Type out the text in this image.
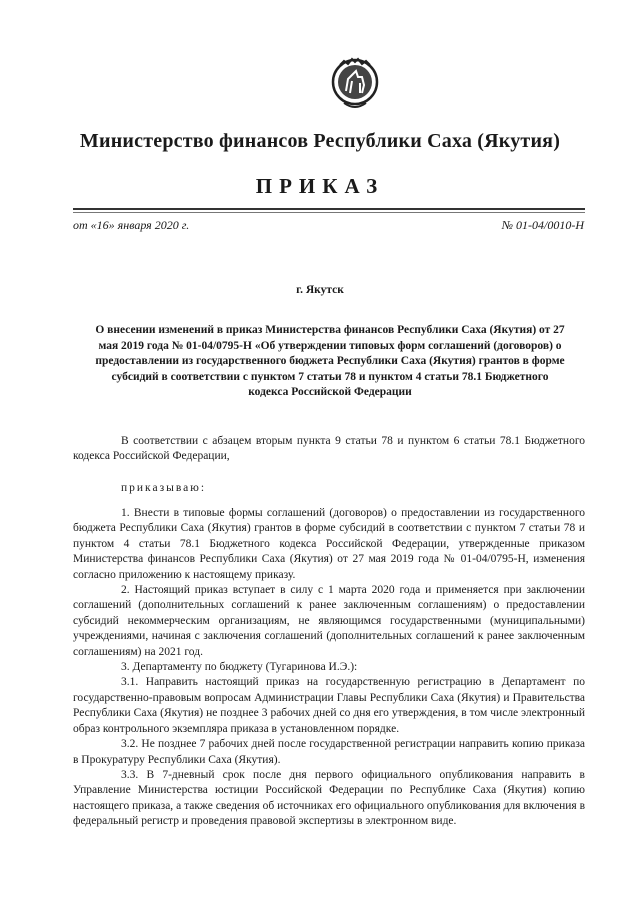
Министерство финансов Республики Саха (Якутия)
ПРИКАЗ
от «16» января 2020 г.	№ 01-04/0010-Н
г. Якутск
О внесении изменений в приказ Министерства финансов Республики Саха (Якутия) от 27 мая 2019 года № 01-04/0795-Н «Об утверждении типовых форм соглашений (договоров) о предоставлении из государственного бюджета Республики Саха (Якутия) грантов в форме субсидий в соответствии с пунктом 7 статьи 78 и пунктом 4 статьи 78.1 Бюджетного кодекса Российской Федерации

В соответствии с абзацем вторым пункта 9 статьи 78 и пунктом 6 статьи 78.1 Бюджетного кодекса Российской Федерации,

приказываю:

1. Внести в типовые формы соглашений (договоров) о предоставлении из государственного бюджета Республики Саха (Якутия) грантов в форме субсидий в соответствии с пунктом 7 статьи 78 и пунктом 4 статьи 78.1 Бюджетного кодекса Российской Федерации, утвержденные приказом Министерства финансов Республики Саха (Якутия) от 27 мая 2019 года № 01-04/0795-Н, изменения согласно приложению к настоящему приказу.

2. Настоящий приказ вступает в силу с 1 марта 2020 года и применяется при заключении соглашений (дополнительных соглашений к ранее заключенным соглашениям) о предоставлении субсидий некоммерческим организациям, не являющимся государственными (муниципальными) учреждениями, начиная с заключения соглашений (дополнительных соглашений к ранее заключенным соглашениям) на 2021 год.

3. Департаменту по бюджету (Тугаринова И.Э.):

3.1. Направить настоящий приказ на государственную регистрацию в Департамент по государственно-правовым вопросам Администрации Главы Республики Саха (Якутия) и Правительства Республики Саха (Якутия) не позднее 3 рабочих дней со дня его утверждения, в том числе электронный образ контрольного экземпляра приказа в установленном порядке.

3.2. Не позднее 7 рабочих дней после государственной регистрации направить копию приказа в Прокуратуру Республики Саха (Якутия).

3.3. В 7-дневный срок после дня первого официального опубликования направить в Управление Министерства юстиции Российской Федерации по Республике Саха (Якутия) копию настоящего приказа, а также сведения об источниках его официального опубликования для включения в федеральный регистр и проведения правовой экспертизы в электронном виде.
